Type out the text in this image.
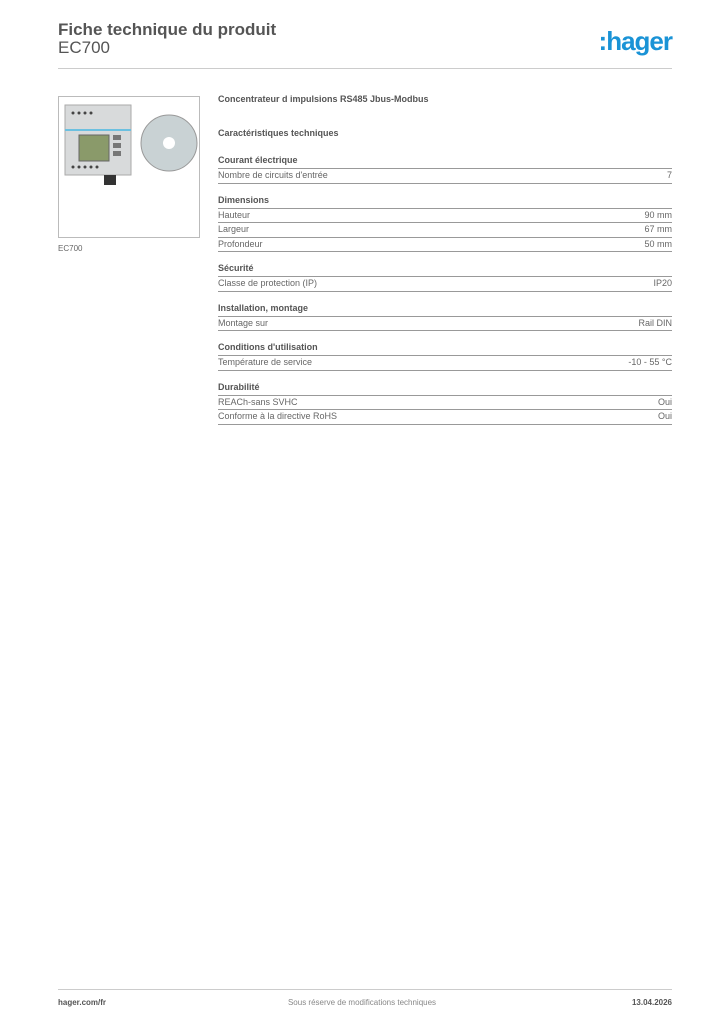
Fiche technique du produit
EC700	:hager
EC700
Concentrateur d impulsions RS485 Jbus-Modbus
Caractéristiques techniques
Courant électrique
Nombre de circuits d'entrée	7
Dimensions
Hauteur	90 mm
Largeur	67 mm
Profondeur	50 mm
Sécurité
Classe de protection (IP)	IP20
Installation, montage
Montage sur	Rail DIN
Conditions d'utilisation
Température de service	-10 - 55 °C
Durabilité
REACh-sans SVHC	Oui
Conforme à la directive RoHS	Oui
hager.com/fr	Sous réserve de modifications techniques	13.04.2026
